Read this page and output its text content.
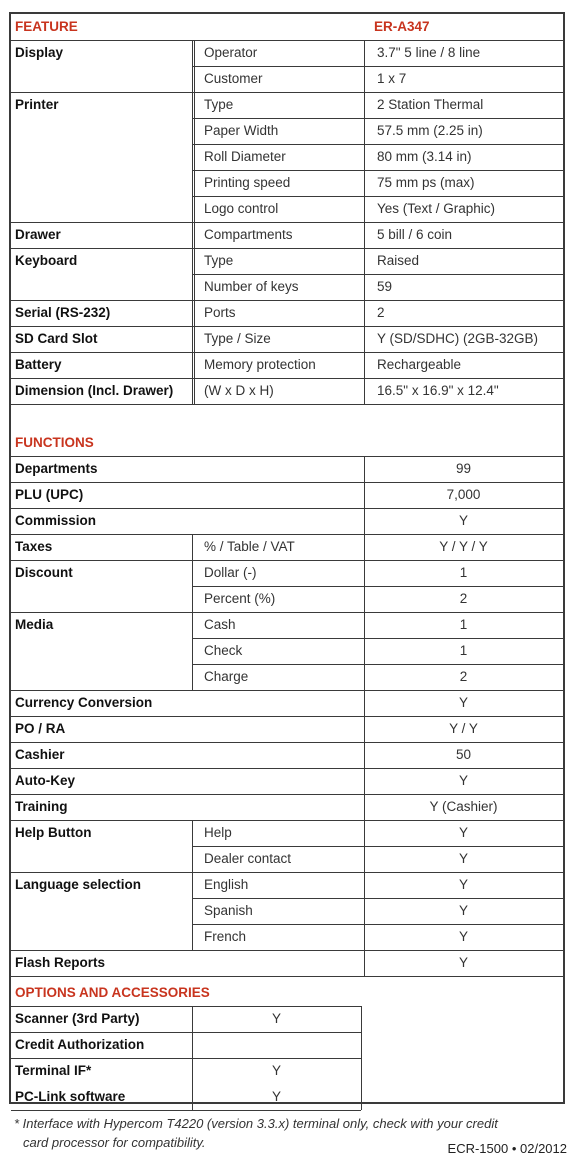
FEATURE	ER-A347
Display	Operator	3.7" 5 line / 8 line
Customer	1 x 7
Printer	Type	2 Station Thermal
Paper Width	57.5 mm (2.25 in)
Roll Diameter	80 mm (3.14 in)
Printing speed	75 mm ps (max)
Logo control	Yes (Text / Graphic)
Drawer	Compartments	5 bill / 6 coin
Keyboard	Type	Raised
Number of keys	59
Serial (RS-232)	Ports	2
SD Card Slot	Type / Size	Y (SD/SDHC) (2GB-32GB)
Battery	Memory protection	Rechargeable
Dimension (Incl. Drawer)	(W x D x H)	16.5" x 16.9" x 12.4"
FUNCTIONS
Departments	99
PLU (UPC)	7,000
Commission	Y
Taxes	% / Table / VAT	Y / Y / Y
Discount	Dollar (-)	1
Percent (%)	2
Media	Cash	1
Check	1
Charge	2
Currency Conversion	Y
PO / RA	Y / Y
Cashier	50
Auto-Key	Y
Training	Y (Cashier)
Help Button	Help	Y
Dealer contact	Y
Language selection	English	Y
Spanish	Y
French	Y
Flash Reports	Y
OPTIONS AND ACCESSORIES
Scanner (3rd Party)	Y
Credit Authorization
Terminal IF*	Y
PC-Link software	Y
* Interface with Hypercom T4220 (version 3.3.x) terminal only, check with your credit
card processor for compatibility.	ECR-1500 • 02/2012
